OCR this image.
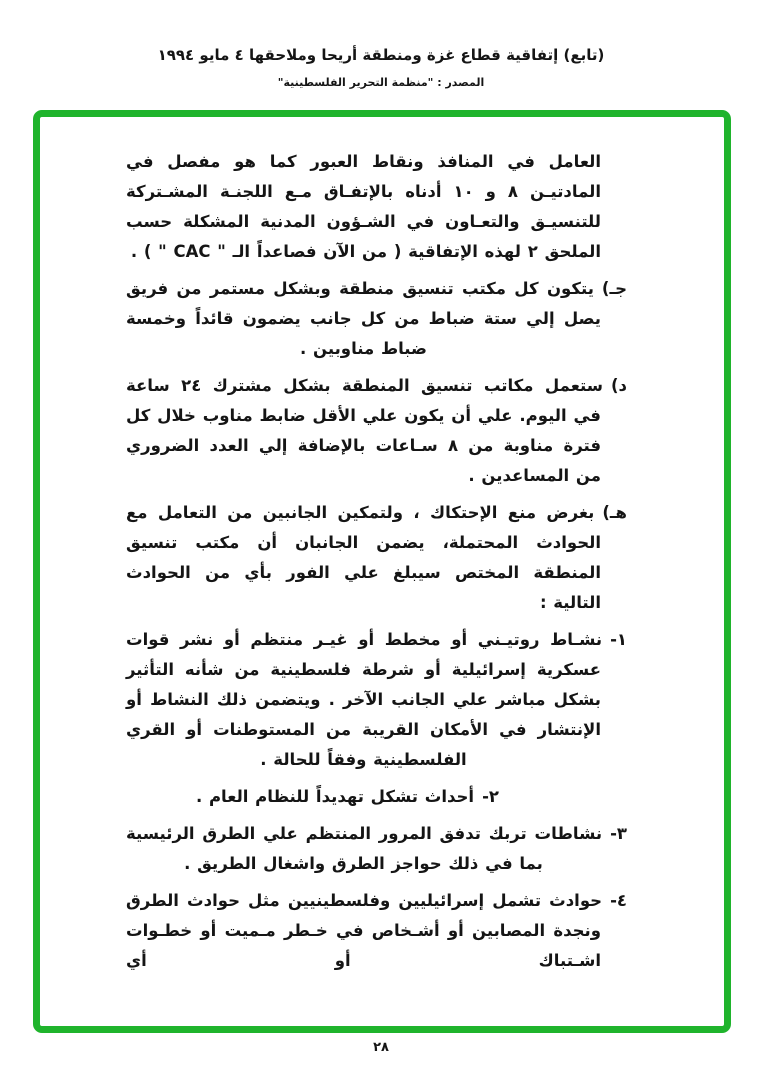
(تابع) إتفاقية قطاع غزة ومنطقة أريحا وملاحقها ٤ مايو ١٩٩٤
المصدر : "منظمة التحرير الفلسطينية"

العامل في المنافذ ونقاط العبور كما هو مفصل في المادتيـن ٨ و ١٠ أدناه بالإتفـاق مـع اللجنـة المشـتركة للتنسيـق والتعـاون في الشـؤون المدنية المشكلة حسب الملحق ٢ لهذه الإتفاقية ( من الآن فصاعداً الـ " CAC " ) .

جـ)يتكون كل مكتب تنسيق منطقة وبشكل مستمر من فريق يصل إلي ستة ضباط من كل جانب يضمون قائداً وخمسة ضباط مناوبين .

د)ستعمل مكاتب تنسيق المنطقة بشكل مشترك ٢٤ ساعة في اليوم. علي أن يكون علي الأقل ضابط مناوب خلال كل فترة مناوبة من ٨ سـاعات بالإضافة إلي العدد الضروري من المساعدين .

هـ)بغرض منع الإحتكاك ، ولتمكين الجانبين من التعامل مع الحوادث المحتملة، يضمن الجانبان أن مكتب تنسيق المنطقة المختص سيبلغ علي الفور بأي من الحوادث التالية :

١-نشـاط روتيـني أو مخطط أو غيـر منتظم أو نشر قوات عسكرية إسرائيلية أو شرطة فلسطينية من شأنه التأثير بشكل مباشر علي الجانب الآخر . ويتضمن ذلك النشاط أو الإنتشار في الأمكان القريبة من المستوطنات أو القري الفلسطينية وفقاً للحالة .

٢-أحداث تشكل تهديداً للنظام العام .

٣-نشاطات تربك تدفق المرور المنتظم علي الطرق الرئيسية بما في ذلك حواجز الطرق واشغال الطريق .

٤-حوادث تشمل إسرائيليين وفلسطينيين مثل حوادث الطرق ونجدة المصابين أو أشـخاص في خـطر مـميت أو خطـوات اشـتباك أو أي

٢٨
